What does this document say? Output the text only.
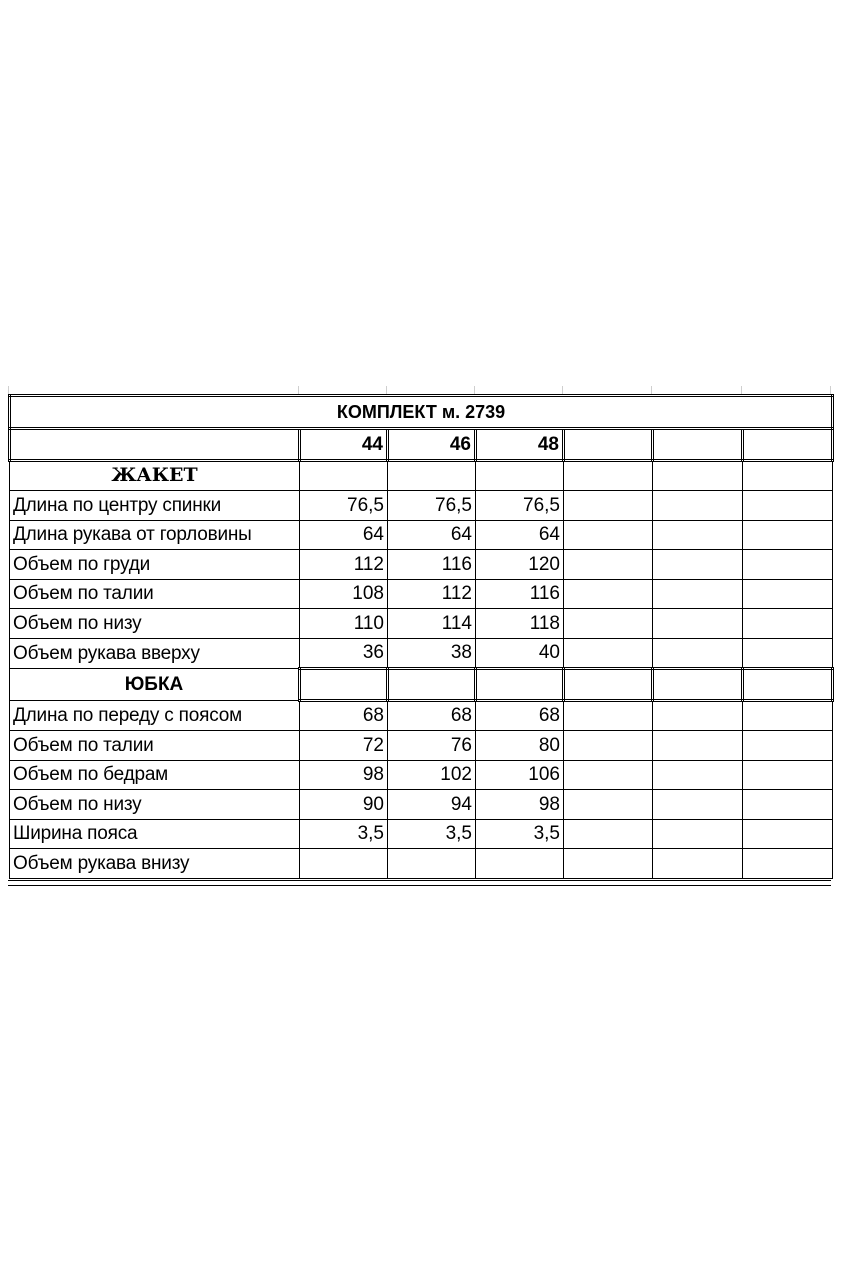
КОМПЛЕКТ м. 2739						
	44	46	48			
ЖАКЕТ						
Длина по центру спинки	76,5	76,5	76,5			
Длина рукава от горловины	64	64	64			
Объем по груди	112	116	120			
Объем по талии	108	112	116			
Объем по низу	110	114	118			
Объем рукава вверху	36	38	40			
ЮБКА						
Длина по переду с поясом	68	68	68			
Объем по талии	72	76	80			
Объем по бедрам	98	102	106			
Объем по низу	90	94	98			
Ширина пояса	3,5	3,5	3,5			
Объем рукава внизу						
